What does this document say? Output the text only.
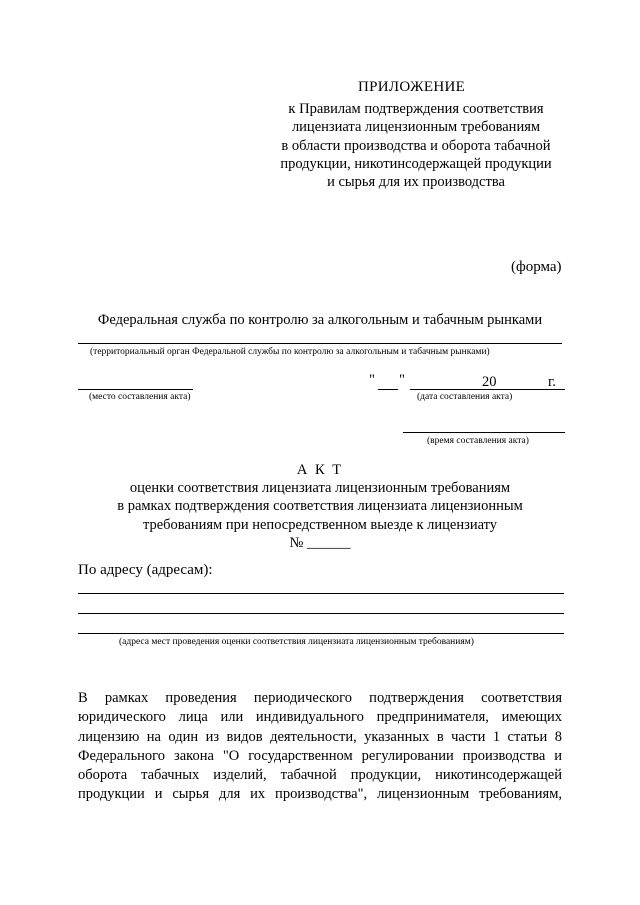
ПРИЛОЖЕНИЕ
к Правилам подтверждения соответствия
лицензиата лицензионным требованиям
в области производства и оборота табачной
продукции, никотинсодержащей продукции
и сырья для их производства
(форма)
Федеральная служба по контролю за алкогольным и табачным рынками
(территориальный орган Федеральной службы по контролю за алкогольным и табачным рынками)
(место составления акта)
" "	20	г.
(дата составления акта)
(время составления акта)
А К Т
оценки соответствия лицензиата лицензионным требованиям
в рамках подтверждения соответствия лицензиата лицензионным
требованиям при непосредственном выезде к лицензиату
№ ______
По адресу (адресам):
(адреса мест проведения оценки соответствия лицензиата лицензионным требованиям)
В рамках проведения периодического подтверждения соответствия
юридического лица или индивидуального предпринимателя, имеющих
лицензию на один из видов деятельности, указанных в части 1 статьи 8
Федерального закона "О государственном регулировании производства и
оборота табачных изделий, табачной продукции, никотинсодержащей
продукции и сырья для их производства", лицензионным требованиям,
